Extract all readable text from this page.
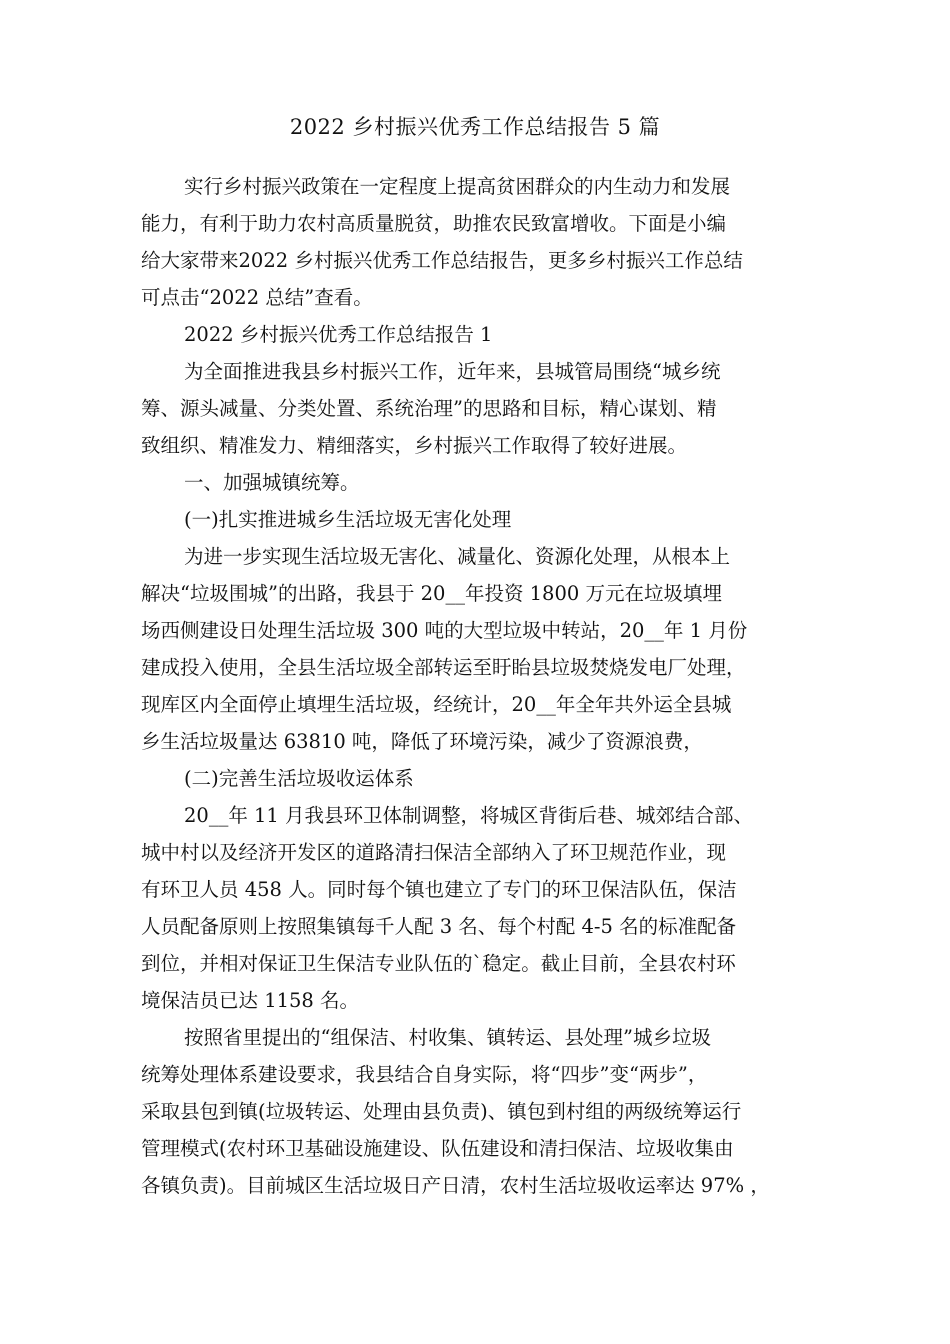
2022 乡村振兴优秀工作总结报告 5 篇
实行乡村振兴政策在一定程度上提高贫困群众的内生动力和发展
能力，有利于助力农村高质量脱贫，助推农民致富增收。下面是小编
给大家带来2022 乡村振兴优秀工作总结报告，更多乡村振兴工作总结
可点击“2022 总结”查看。
2022 乡村振兴优秀工作总结报告 1
为全面推进我县乡村振兴工作，近年来，县城管局围绕“城乡统
筹、源头减量、分类处置、系统治理”的思路和目标，精心谋划、精
致组织、精准发力、精细落实，乡村振兴工作取得了较好进展。
一、加强城镇统筹。
(一)扎实推进城乡生活垃圾无害化处理
为进一步实现生活垃圾无害化、减量化、资源化处理，从根本上
解决“垃圾围城”的出路，我县于 20__年投资 1800 万元在垃圾填埋
场西侧建设日处理生活垃圾 300 吨的大型垃圾中转站，20__年 1 月份
建成投入使用，全县生活垃圾全部转运至盱眙县垃圾焚烧发电厂处理，
现库区内全面停止填埋生活垃圾，经统计，20__年全年共外运全县城
乡生活垃圾量达 63810 吨，降低了环境污染，减少了资源浪费，
(二)完善生活垃圾收运体系
20__年 11 月我县环卫体制调整，将城区背街后巷、城郊结合部、
城中村以及经济开发区的道路清扫保洁全部纳入了环卫规范作业，现
有环卫人员 458 人。同时每个镇也建立了专门的环卫保洁队伍，保洁
人员配备原则上按照集镇每千人配 3 名、每个村配 4-5 名的标准配备
到位，并相对保证卫生保洁专业队伍的`稳定。截止目前，全县农村环
境保洁员已达 1158 名。
按照省里提出的“组保洁、村收集、镇转运、县处理”城乡垃圾
统筹处理体系建设要求，我县结合自身实际，将“四步”变“两步”，
采取县包到镇(垃圾转运、处理由县负责)、镇包到村组的两级统筹运行
管理模式(农村环卫基础设施建设、队伍建设和清扫保洁、垃圾收集由
各镇负责)。目前城区生活垃圾日产日清，农村生活垃圾收运率达 97% ，
